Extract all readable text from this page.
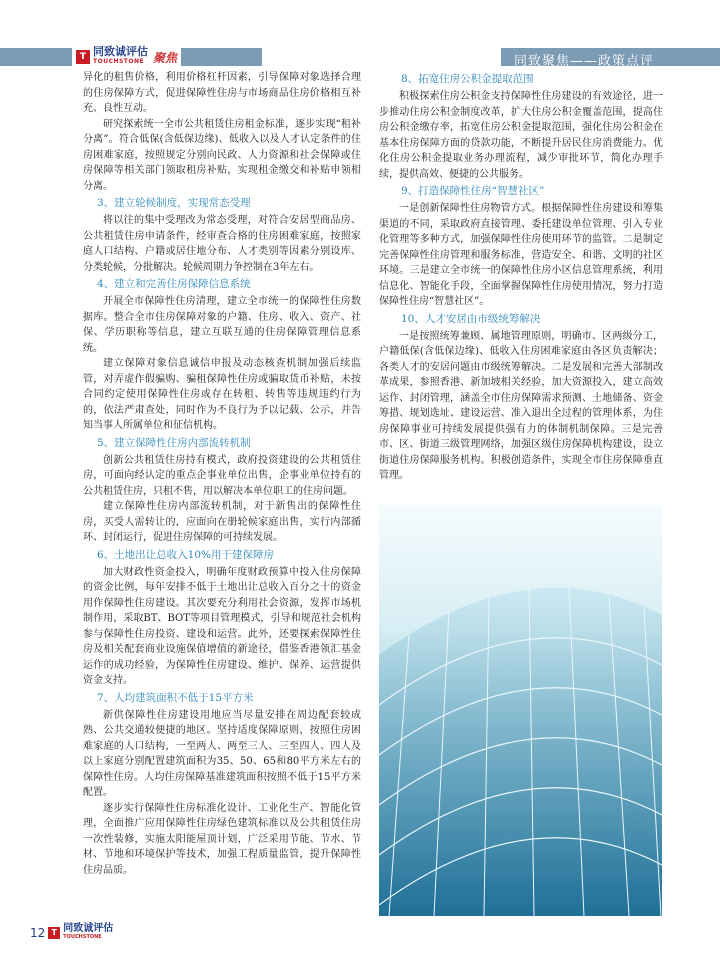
T 同致诚评估
TOUCHSTONE 聚焦	同致聚焦——政策点评

异化的租售价格，利用价格杠杆因素，引导保障对象选择合理的住房保障方式，促进保障性住房与市场商品住房价格相互补充、良性互动。

研究探索统一全市公共租赁住房租金标准，逐步实现“租补分离”。符合低保(含低保边缘)、低收入以及人才认定条件的住房困难家庭，按照规定分别向民政、人力资源和社会保障或住房保障等相关部门领取租房补贴，实现租金缴交和补贴申领相分离。

3、建立轮候制度，实现常态受理

将以往的集中受理改为常态受理，对符合安居型商品房、公共租赁住房申请条件，经审查合格的住房困难家庭，按照家庭人口结构、户籍或居住地分布、人才类别等因素分别设库、分类轮候，分批解决。轮候周期力争控制在3年左右。

4、建立和完善住房保障信息系统

开展全市保障性住房清理，建立全市统一的保障性住房数据库。整合全市住房保障对象的户籍、住房、收入、资产、社保、学历职称等信息，建立互联互通的住房保障管理信息系统。

建立保障对象信息诚信申报及动态核查机制加强后续监管，对弄虚作假骗购、骗租保障性住房或骗取货币补贴，未按合同约定使用保障性住房或存在转租、转售等违规违约行为的，依法严肃查处，同时作为不良行为予以记载、公示，并告知当事人所属单位和征信机构。

5、建立保障性住房内部流转机制

创新公共租赁住房持有模式，政府投资建设的公共租赁住房，可面向经认定的重点企事业单位出售，企事业单位持有的公共租赁住房，只租不售，用以解决本单位职工的住房问题。

建立保障性住房内部流转机制，对于新售出的保障性住房，买受人需转让的，应面向在册轮候家庭出售，实行内部循环、封闭运行，促进住房保障的可持续发展。

6、土地出让总收入10%用于建保障房

加大财政性资金投入，明确年度财政预算中投入住房保障的资金比例，每年安排不低于土地出让总收入百分之十的资金用作保障性住房建设。其次要充分利用社会资源，发挥市场机制作用，采取BT、BOT等项目管理模式，引导和规范社会机构参与保障性住房投资、建设和运营。此外，还要探索保障性住房及相关配套商业设施保值增值的新途径，借鉴香港领汇基金运作的成功经验，为保障性住房建设、维护、保养、运营提供资金支持。

7、人均建筑面积不低于15平方米

新供保障性住房建设用地应当尽量安排在周边配套较成熟、公共交通较便捷的地区。坚持适度保障原则，按照住房困难家庭的人口结构，一至两人、两至三人、三至四人、四人及以上家庭分别配置建筑面积为35、50、65和80平方米左右的保障性住房。人均住房保障基准建筑面积按照不低于15平方米配置。

逐步实行保障性住房标准化设计、工业化生产、智能化管理，全面推广应用保障性住房绿色建筑标准以及公共租赁住房一次性装修，实施太阳能屋顶计划，广泛采用节能、节水、节材、节地和环境保护等技术，加强工程质量监管，提升保障性住房品质。

8、拓宽住房公积金提取范围

积极探索住房公积金支持保障性住房建设的有效途径，进一步推动住房公积金制度改革，扩大住房公积金覆盖范围，提高住房公积金缴存率，拓宽住房公积金提取范围，强化住房公积金在基本住房保障方面的贷款功能，不断提升居民住房消费能力。优化住房公积金提取业务办理流程，减少审批环节，简化办理手续，提供高效、便捷的公共服务。

9、打造保障性住房“智慧社区”

一是创新保障性住房物管方式。根据保障性住房建设和筹集渠道的不同，采取政府直接管理、委托建设单位管理、引入专业化管理等多种方式，加强保障性住房使用环节的监管。二是制定完善保障性住房管理和服务标准，营造安全、和谐、文明的社区环境。三是建立全市统一的保障性住房小区信息管理系统，利用信息化、智能化手段，全面掌握保障性住房使用情况，努力打造保障性住房“智慧社区”。

10、人才安居由市级统筹解决

一是按照统筹兼顾、属地管理原则，明确市、区两级分工，户籍低保(含低保边缘)、低收入住房困难家庭由各区负责解决；各类人才的安居问题由市级统筹解决。二是发展和完善大部制改革成果，参照香港、新加坡相关经验，加大资源投入，建立高效运作、封闭管理，涵盖全市住房保障需求预测、土地储备、资金筹措、规划选址、建设运营、准入退出全过程的管理体系，为住房保障事业可持续发展提供强有力的体制机制保障。三是完善市、区、街道三级管理网络，加强区级住房保障机构建设，设立街道住房保障服务机构。积极创造条件，实现全市住房保障垂直管理。

12 T 同致诚评估
TOUCHSTONE
